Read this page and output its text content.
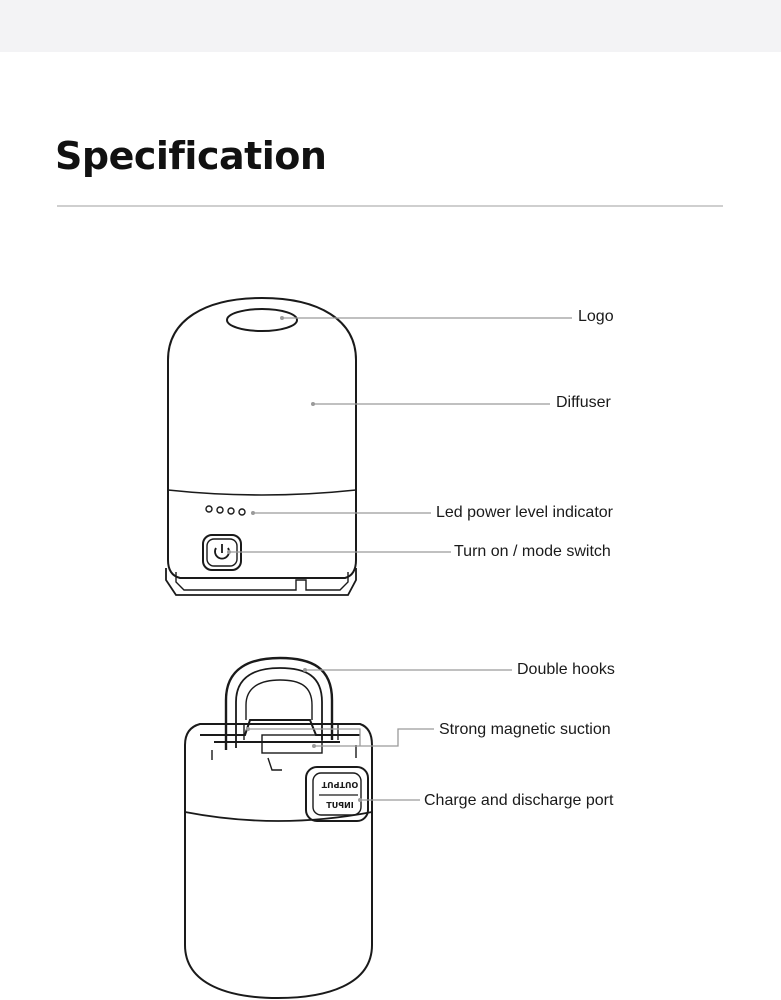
Specification
OUTPUT
INPUT
Logo
Diffuser
Led power level indicator
Turn on / mode switch
Double hooks
Strong magnetic suction
Charge and discharge port
